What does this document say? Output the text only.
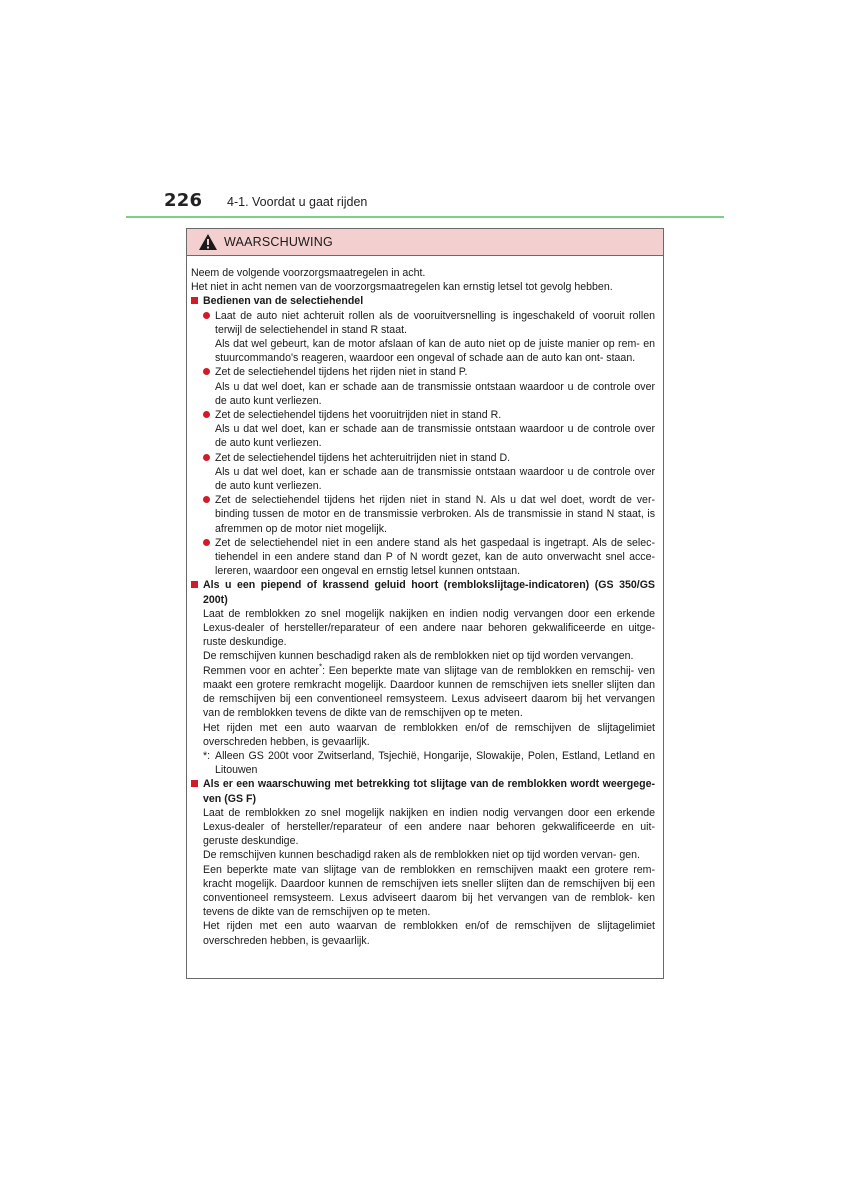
226 4-1. Voordat u gaat rijden
WAARSCHUWING

Neem de volgende voorzorgsmaatregelen in acht.

Het niet in acht nemen van de voorzorgsmaatregelen kan ernstig letsel tot gevolg hebben.

Bedienen van de selectiehendel

Laat de auto niet achteruit rollen als de vooruitversnelling is ingeschakeld of vooruit rollen terwijl de selectiehendel in stand R staat.

Als dat wel gebeurt, kan de motor afslaan of kan de auto niet op de juiste manier op rem- en stuurcommando's reageren, waardoor een ongeval of schade aan de auto kan ont- staan.

Zet de selectiehendel tijdens het rijden niet in stand P.

Als u dat wel doet, kan er schade aan de transmissie ontstaan waardoor u de controle over de auto kunt verliezen.

Zet de selectiehendel tijdens het vooruitrijden niet in stand R.

Als u dat wel doet, kan er schade aan de transmissie ontstaan waardoor u de controle over de auto kunt verliezen.

Zet de selectiehendel tijdens het achteruitrijden niet in stand D.

Als u dat wel doet, kan er schade aan de transmissie ontstaan waardoor u de controle over de auto kunt verliezen.

Zet de selectiehendel tijdens het rijden niet in stand N. Als u dat wel doet, wordt de ver- binding tussen de motor en de transmissie verbroken. Als de transmissie in stand N staat, is afremmen op de motor niet mogelijk.

Zet de selectiehendel niet in een andere stand als het gaspedaal is ingetrapt. Als de selec- tiehendel in een andere stand dan P of N wordt gezet, kan de auto onverwacht snel acce- lereren, waardoor een ongeval en ernstig letsel kunnen ontstaan.

Als u een piepend of krassend geluid hoort (remblokslijtage-indicatoren) (GS 350/GS 200t)

Laat de remblokken zo snel mogelijk nakijken en indien nodig vervangen door een erkende Lexus-dealer of hersteller/reparateur of een andere naar behoren gekwalificeerde en uitge- ruste deskundige.

De remschijven kunnen beschadigd raken als de remblokken niet op tijd worden vervangen.

Remmen voor en achter*: Een beperkte mate van slijtage van de remblokken en remschij- ven maakt een grotere remkracht mogelijk. Daardoor kunnen de remschijven iets sneller slijten dan de remschijven bij een conventioneel remsysteem. Lexus adviseert daarom bij het vervangen van de remblokken tevens de dikte van de remschijven op te meten.

Het rijden met een auto waarvan de remblokken en/of de remschijven de slijtagelimiet overschreden hebben, is gevaarlijk.

*: Alleen GS 200t voor Zwitserland, Tsjechië, Hongarije, Slowakije, Polen, Estland, Letland en Litouwen
Als er een waarschuwing met betrekking tot slijtage van de remblokken wordt weergege- ven (GS F)

Laat de remblokken zo snel mogelijk nakijken en indien nodig vervangen door een erkende Lexus-dealer of hersteller/reparateur of een andere naar behoren gekwalificeerde en uit- geruste deskundige.

De remschijven kunnen beschadigd raken als de remblokken niet op tijd worden vervan- gen.

Een beperkte mate van slijtage van de remblokken en remschijven maakt een grotere rem- kracht mogelijk. Daardoor kunnen de remschijven iets sneller slijten dan de remschijven bij een conventioneel remsysteem. Lexus adviseert daarom bij het vervangen van de remblok- ken tevens de dikte van de remschijven op te meten.

Het rijden met een auto waarvan de remblokken en/of de remschijven de slijtagelimiet overschreden hebben, is gevaarlijk.
